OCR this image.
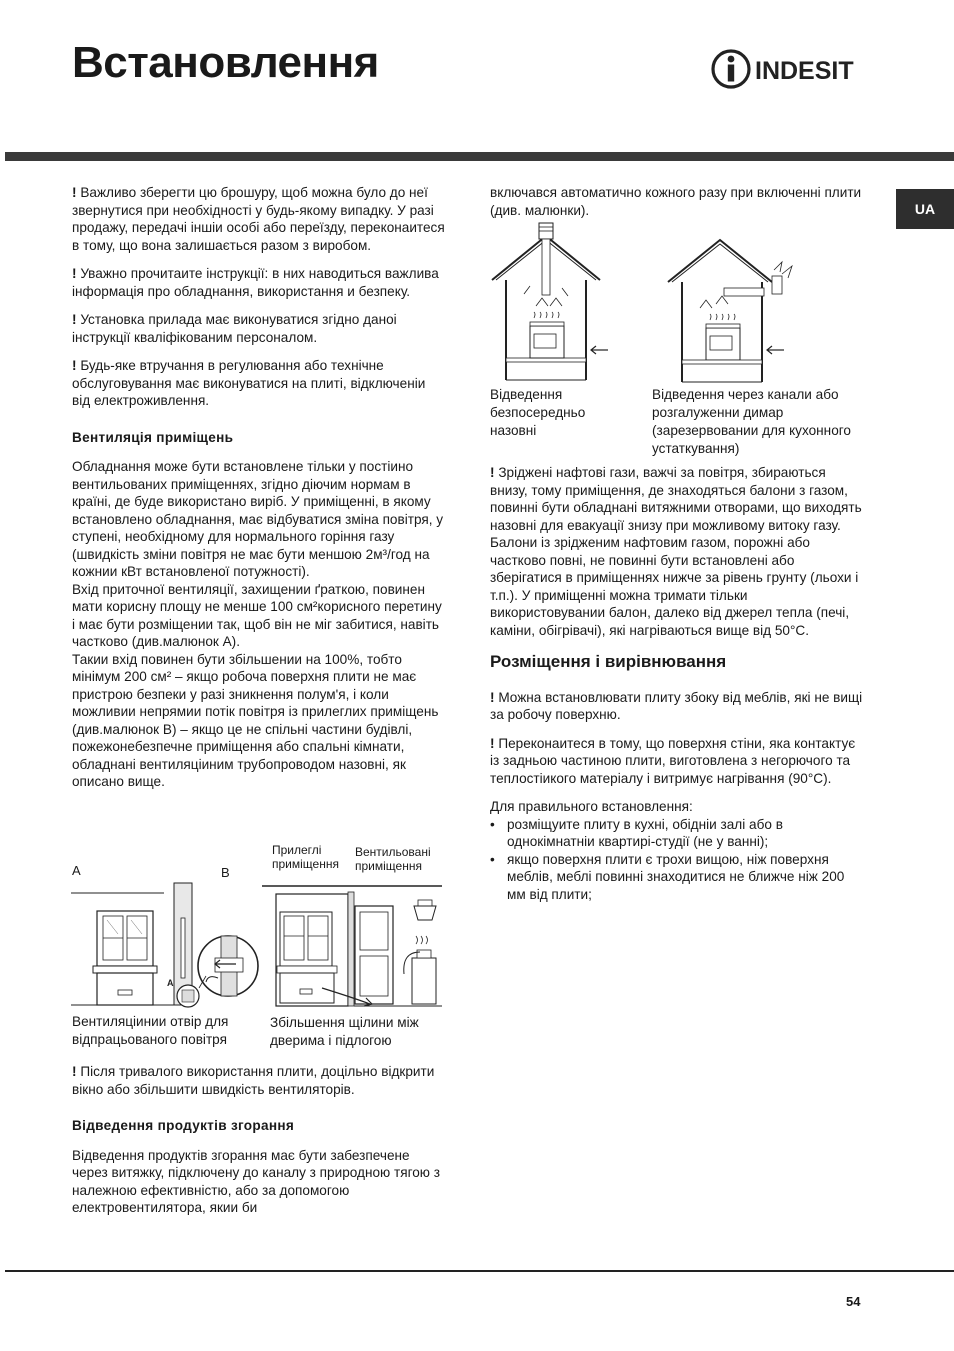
Встановлення	INDESIT
UA

! Важливо зберегти цю брошуру, щоб можна було до неї звернутися при необхідності у будь-якому випадку. У разі продажу, передачі іншiи особі або переїзду, переконаитеся в тому, що вона залишається разом з виробом.

! Уважно прочитаите інструкції: в них наводиться важлива інформація про обладнання, використання и безпеку.

! Установка прилада має виконуватися згідно даноі інструкції кваліфікованим персоналом.

! Будь-яке втручання в регулювання або технічне обслуговування має виконуватися на плиті, відключеніи від електроживлення.

Вентиляція приміщень

Обладнання може бути встановлене тільки у постiино вентильованих приміщеннях, згідно діючим нормам в країні, де буде використано виріб. У приміщенні, в якому встановлено обладнання, має відбуватися зміна повітря, у ступені, необхідному для нормального горіння газу (швидкість зміни повітря не має бути меншою 2м³/год на кожнии кВт встановленої потужності).

Вхід приточної вентиляції, захищении ґраткою, повинен мати корисну площу не менше 100 см²корисного перетину і має бути розміщении так, щоб він не міг забитися, навіть частково (див.малюнок А).

Такии вхід повинен бути збільшении на 100%, тобто мінімум 200 см² – якщо робоча поверхня плити не має пристрою безпеки у разі зникнення полум'я, і коли можливии непрямии потік повітря із прилеглих приміщень (див.малюнок В) – якщо це не спільні частини будівлі, пожежонебезпечне приміщення або спальні кімнати, обладнані вентиляціиним трубопроводом назовні, як описано вище.

A	B
Прилеглі приміщення
Вентильовані приміщення
A
Вентиляціинии отвір для відпрацьованого повітря
Збільшення щілини між дверима і підлогою

! Після тривалого використання плити, доцільно відкрити вікно або збільшити швидкість вентиляторів.

Відведення продуктів згорання

Відведення продуктів згорання має бути забезпечене через витяжку, підключену до каналу з природною тягою з належною ефективністю, або за допомогою електровентилятора, якии би

включався автоматично кожного разу при включенні плити (див. малюнки).

Відведення безпосередньо назовні
Відведення через канали або розгалуженни димар (зарезервовании для кухонного устаткування)

! Зріджені нафтові гази, важчі за повітря, збираються внизу, тому приміщення, де знаходяться балони з газом, повинні бути обладнані витяжними отворами, що виходять назовні для евакуації знизу при можливому витоку газу.

Балони із зрідженим нафтовим газом, порожні або частково повні, не повинні бути встановлені або зберігатися в приміщеннях нижче за рівень грунту (льохи і т.п.). У приміщенні можна тримати тільки використовувании балон, далеко від джерел тепла (печі, каміни, обігрівачі), які нагріваються вище від 50°С.

Розміщення і вирівнювання

! Можна встановлювати плиту збоку від меблів, які не вищі за робочу поверхню.

! Переконаитеся в тому, що поверхня стіни, яка контактує із задньою частиною плити, виготовлена з негорючого та теплостiикого матеріалу і витримує нагрівання (90°С).

Для правильного встановлення:

• розміщуите плиту в кухні, обідніи залі або в однокімнатнiи квартирі-студії (не у ванні);
• якщо поверхня плити є трохи вищою, ніж поверхня меблів, меблі повинні знаходитися не ближче ніж 200 мм від плити;
54
